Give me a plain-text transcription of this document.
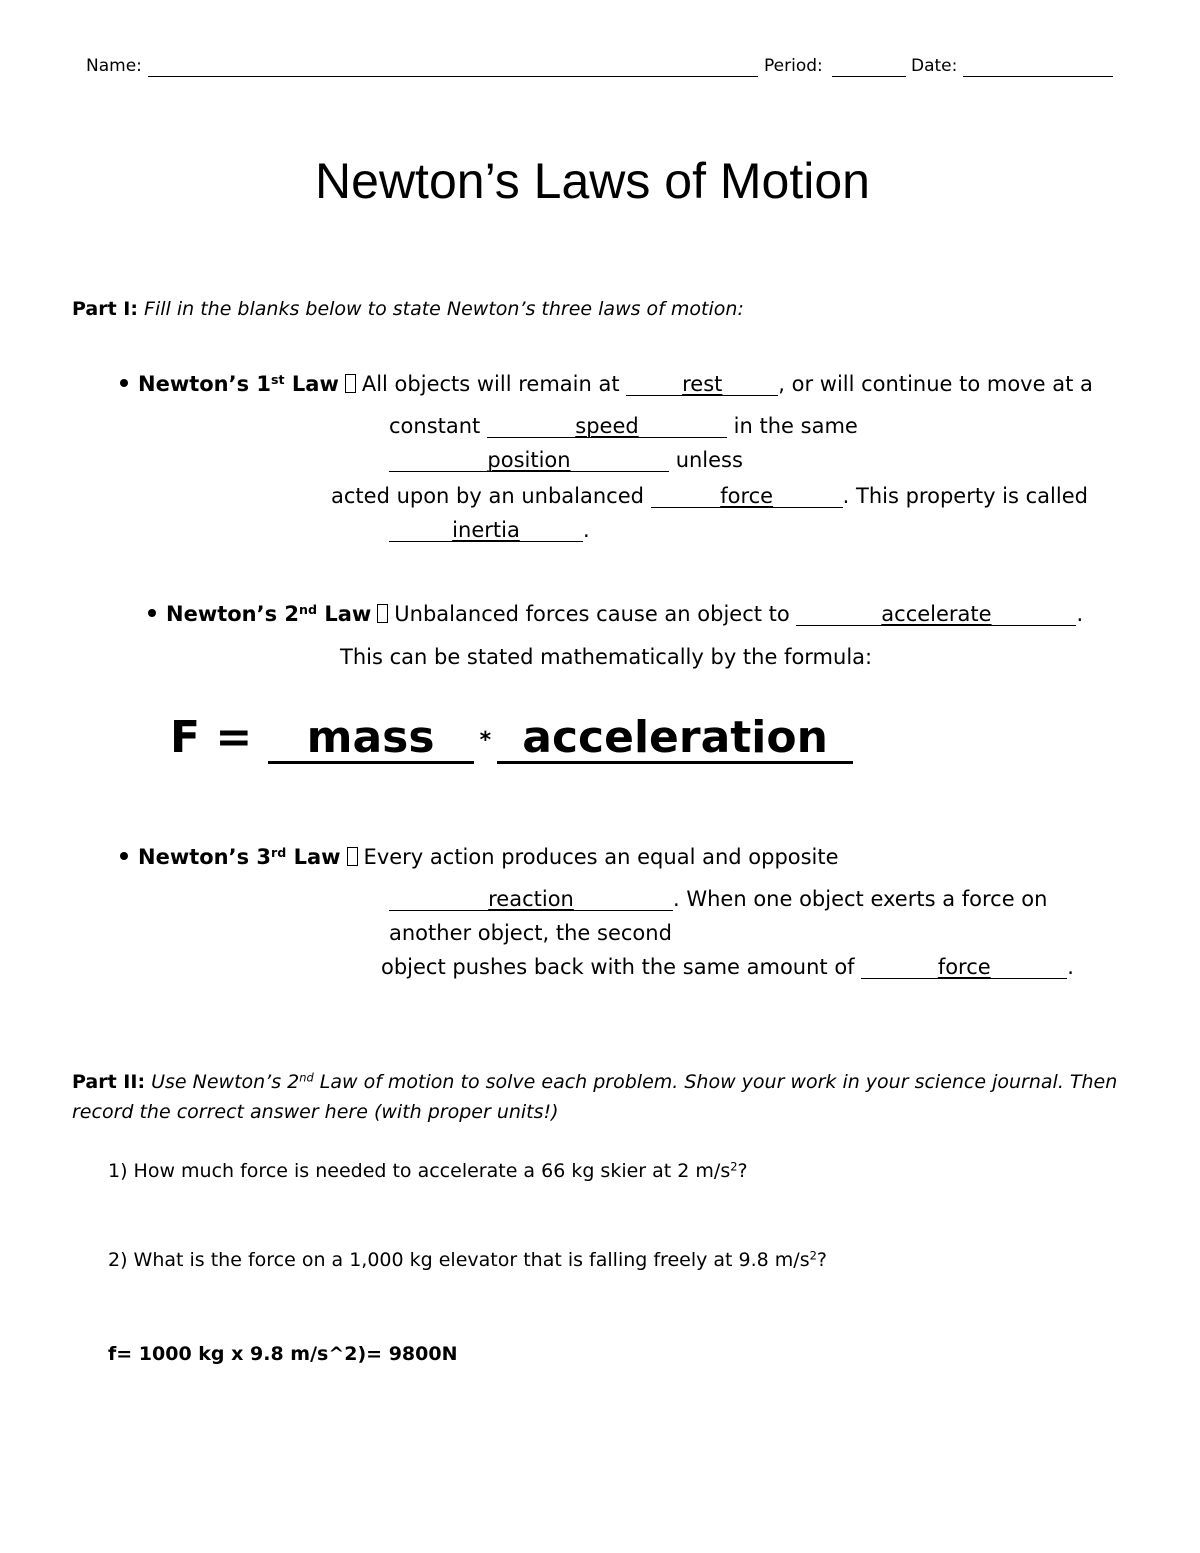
Name:	Period:	Date:
Newton’s Laws of Motion
Part I: Fill in the blanks below to state Newton’s three laws of motion:
Newton’s 1st Law All objects will remain at	rest	, or will continue to move at a
constant	speed	in the same
position	unless
acted upon by an unbalanced	force	. This property is called
inertia	.
Newton’s 2nd Law Unbalanced forces cause an object to	accelerate	.
This can be stated mathematically by the formula:
F = mass * acceleration
Newton’s 3rd Law Every action produces an equal and opposite
reaction	. When one object exerts a force on
another object, the second
object pushes back with the same amount of	force	.
Part II: Use Newton’s 2nd Law of motion to solve each problem. Show your work in your science journal. Then
record the correct answer here (with proper units!)
1) How much force is needed to accelerate a 66 kg skier at 2 $m/s^2$?
2) What is the force on a 1,000 kg elevator that is falling freely at 9.8 $m/s^2$?
f= 1000 kg x 9.8 m/s^2)= 9800N
